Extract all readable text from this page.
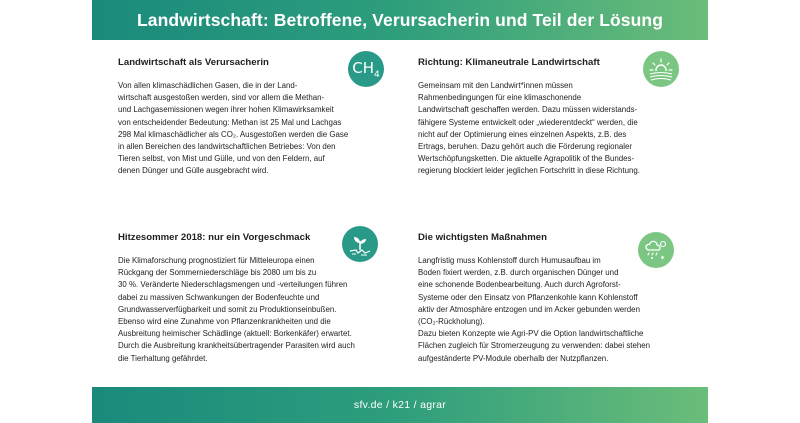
Landwirtschaft: Betroffene, Verursacherin und Teil der Lösung
Landwirtschaft als Verursacherin

Von allen klimaschädlichen Gasen, die in der Land-
wirtschaft ausgestoßen werden, sind vor allem die Methan-
und Lachgasemissionen wegen ihrer hohen Klimawirksamkeit
von entscheidender Bedeutung: Methan ist 25 Mal und Lachgas
298 Mal klimaschädlicher als CO₂. Ausgestoßen werden die Gase
in allen Bereichen des landwirtschaftlichen Betriebes: Von den
Tieren selbst, von Mist und Gülle, und von den Feldern, auf
denen Dünger und Gülle ausgebracht wird.

$CH_4$
Richtung: Klimaneutrale Landwirtschaft

Gemeinsam mit den Landwirt*innen müssen
Rahmenbedingungen für eine klimaschonende
Landwirtschaft geschaffen werden. Dazu müssen widerstands-
fähigere Systeme entwickelt oder „wiederentdeckt“ werden, die
nicht auf der Optimierung eines einzelnen Aspekts, z.B. des
Ertrags, beruhen. Dazu gehört auch die Förderung regionaler
Wertschöpfungsketten. Die aktuelle Agrapolitik of the Bundes-
regierung blockiert leider jeglichen Fortschritt in diese Richtung.

Hitzesommer 2018: nur ein Vorgeschmack

Die Klimaforschung prognostiziert für Mitteleuropa einen
Rückgang der Sommerniederschläge bis 2080 um bis zu
30 %. Veränderte Niederschlagsmengen und -verteilungen führen
dabei zu massiven Schwankungen der Bodenfeuchte und
Grundwasserverfügbarkeit und somit zu Produktionseinbußen.
Ebenso wird eine Zunahme von Pflanzenkrankheiten und die
Ausbreitung heimischer Schädlinge (aktuell: Borkenkäfer) erwartet.
Durch die Ausbreitung krankheitsübertragender Parasiten wird auch
die Tierhaltung gefährdet.

Die wichtigsten Maßnahmen

Langfristig muss Kohlenstoff durch Humusaufbau im
Boden fixiert werden, z.B. durch organischen Dünger und
eine schonende Bodenbearbeitung. Auch durch Agroforst-
Systeme oder den Einsatz von Pflanzenkohle kann Kohlenstoff
aktiv der Atmosphäre entzogen und im Acker gebunden werden
(CO₂-Rückholung).
Dazu bieten Konzepte wie Agri-PV die Option landwirtschaftliche
Flächen zugleich für Stromerzeugung zu verwenden: dabei stehen
aufgeständerte PV-Module oberhalb der Nutzpflanzen.

sfv.de / k21 / agrar
